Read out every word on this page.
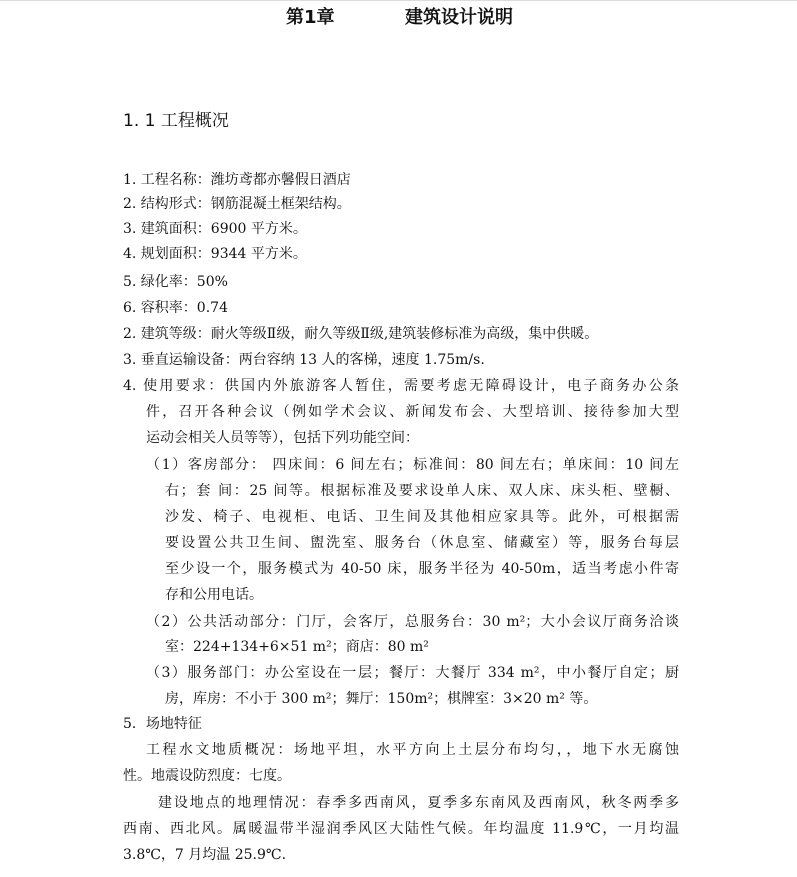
第1章	建筑设计说明
1. 1 工程概况
1. 工程名称：潍坊鸢都亦馨假日酒店
2. 结构形式：钢筋混凝土框架结构。
3. 建筑面积：6900 平方米。
4. 规划面积：9344 平方米。
5. 绿化率：50%
6. 容积率：0.74
2. 建筑等级：耐火等级Ⅱ级，耐久等级Ⅱ级,建筑装修标准为高级，集中供暖。
3. 垂直运输设备：两台容纳 13 人的客梯，速度 1.75m/s.
4. 使用要求：供国内外旅游客人暂住，需要考虑无障碍设计，电子商务办公条
件，召开各种会议（例如学术会议、新闻发布会、大型培训、接待参加大型
运动会相关人员等等），包括下列功能空间：
（1）客房部分： 四床间：6 间左右；标准间：80 间左右；单床间：10 间左
右；套 间：25 间等。根据标准及要求设单人床、双人床、床头柜、壁橱、
沙发、椅子、电视柜、电话、卫生间及其他相应家具等。此外，可根据需
要设置公共卫生间、盥洗室、服务台（休息室、储藏室）等，服务台每层
至少设一个，服务模式为 40-50 床，服务半径为 40-50m，适当考虑小件寄
存和公用电话。
（2）公共活动部分：门厅，会客厅，总服务台：30 m²；大小会议厅商务洽谈
室：224+134+6×51 m²；商店：80 m²
（3）服务部门：办公室设在一层；餐厅：大餐厅 334 m²，中小餐厅自定；厨
房，库房：不小于 300 m²；舞厅：150m²；棋牌室：3×20 m² 等。
5．场地特征
工程水文地质概况：场地平坦，水平方向上土层分布均匀，，地下水无腐蚀
性。地震设防烈度：七度。
建设地点的地理情况：春季多西南风，夏季多东南风及西南风，秋冬两季多
西南、西北风。属暖温带半湿润季风区大陆性气候。年均温度 11.9℃，一月均温
3.8℃，7 月均温 25.9℃.
